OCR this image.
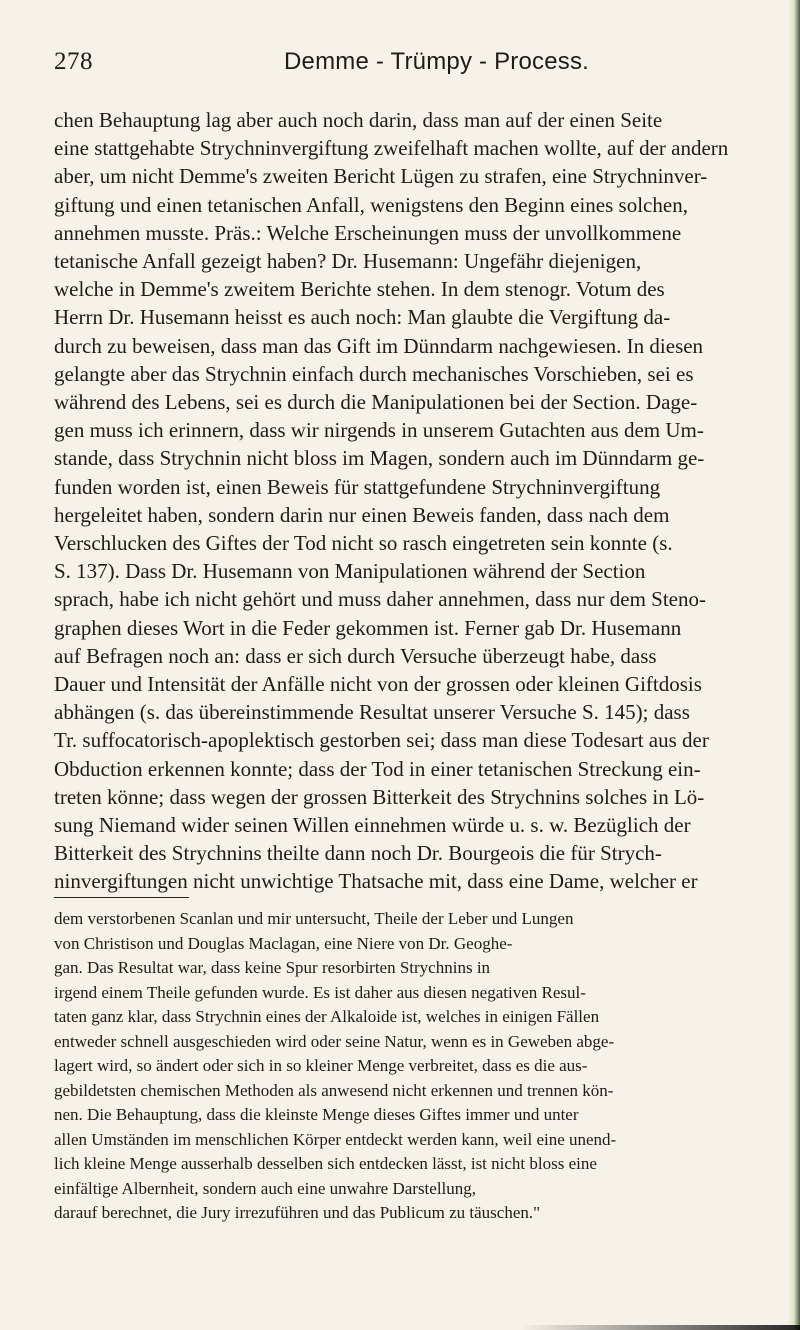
278	Demme - Trümpy - Process.
chen Behauptung lag aber auch noch darin, dass man auf der einen Seite
eine stattgehabte Strychninvergiftung zweifelhaft machen wollte, auf der andern
aber, um nicht Demme's zweiten Bericht Lügen zu strafen, eine Strychninver-
giftung und einen tetanischen Anfall, wenigstens den Beginn eines solchen,
annehmen musste. Präs.: Welche Erscheinungen muss der unvollkommene
tetanische Anfall gezeigt haben? Dr. Husemann: Ungefähr diejenigen,
welche in Demme's zweitem Berichte stehen. In dem stenogr. Votum des
Herrn Dr. Husemann heisst es auch noch: Man glaubte die Vergiftung da-
durch zu beweisen, dass man das Gift im Dünndarm nachgewiesen. In diesen
gelangte aber das Strychnin einfach durch mechanisches Vorschieben, sei es
während des Lebens, sei es durch die Manipulationen bei der Section. Dage-
gen muss ich erinnern, dass wir nirgends in unserem Gutachten aus dem Um-
stande, dass Strychnin nicht bloss im Magen, sondern auch im Dünndarm ge-
funden worden ist, einen Beweis für stattgefundene Strychninvergiftung
hergeleitet haben, sondern darin nur einen Beweis fanden, dass nach dem
Verschlucken des Giftes der Tod nicht so rasch eingetreten sein konnte (s.
S. 137). Dass Dr. Husemann von Manipulationen während der Section
sprach, habe ich nicht gehört und muss daher annehmen, dass nur dem Steno-
graphen dieses Wort in die Feder gekommen ist. Ferner gab Dr. Husemann
auf Befragen noch an: dass er sich durch Versuche überzeugt habe, dass
Dauer und Intensität der Anfälle nicht von der grossen oder kleinen Giftdosis
abhängen (s. das übereinstimmende Resultat unserer Versuche S. 145); dass
Tr. suffocatorisch-apoplektisch gestorben sei; dass man diese Todesart aus der
Obduction erkennen konnte; dass der Tod in einer tetanischen Streckung ein-
treten könne; dass wegen der grossen Bitterkeit des Strychnins solches in Lö-
sung Niemand wider seinen Willen einnehmen würde u. s. w. Bezüglich der
Bitterkeit des Strychnins theilte dann noch Dr. Bourgeois die für Strych-
ninvergiftungen nicht unwichtige Thatsache mit, dass eine Dame, welcher er
dem verstorbenen Scanlan und mir untersucht, Theile der Leber und Lungen
von Christison und Douglas Maclagan, eine Niere von Dr. Geoghe-
gan. Das Resultat war, dass keine Spur resorbirten Strychnins in
irgend einem Theile gefunden wurde. Es ist daher aus diesen negativen Resul-
taten ganz klar, dass Strychnin eines der Alkaloide ist, welches in einigen Fällen
entweder schnell ausgeschieden wird oder seine Natur, wenn es in Geweben abge-
lagert wird, so ändert oder sich in so kleiner Menge verbreitet, dass es die aus-
gebildetsten chemischen Methoden als anwesend nicht erkennen und trennen kön-
nen. Die Behauptung, dass die kleinste Menge dieses Giftes immer und unter
allen Umständen im menschlichen Körper entdeckt werden kann, weil eine unend-
lich kleine Menge ausserhalb desselben sich entdecken lässt, ist nicht bloss eine
einfältige Albernheit, sondern auch eine unwahre Darstellung,
darauf berechnet, die Jury irrezuführen und das Publicum zu täuschen."
